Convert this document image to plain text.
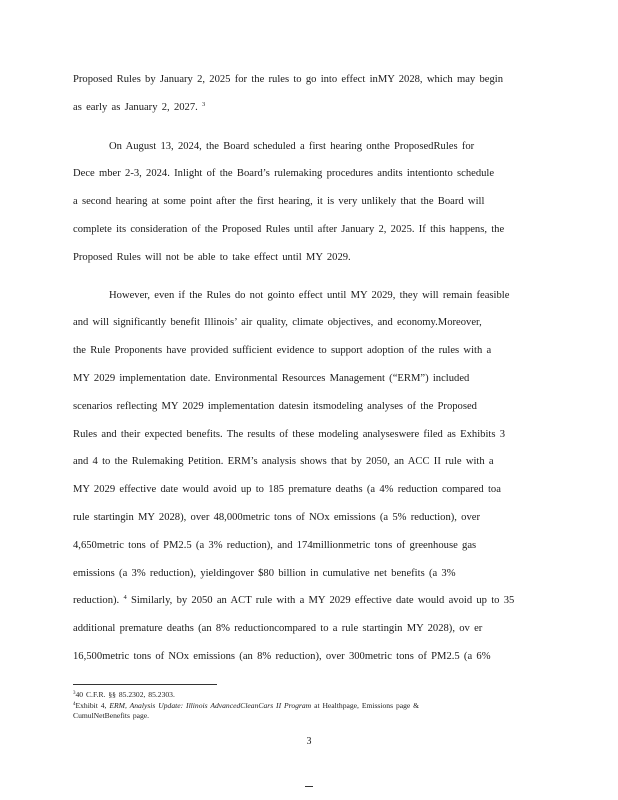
Proposed Rules by January 2, 2025 for the rules to go into effect inMY 2028, which may begin
as early as January 2, 2027. $^3$
On August 13, 2024, the Board scheduled a first hearing onthe ProposedRules for
Dece mber 2-3, 2024. Inlight of the Board’s rulemaking procedures andits intentionto schedule
a second hearing at some point after the first hearing, it is very unlikely that the Board will
complete its consideration of the Proposed Rules until after January 2, 2025. If this happens, the
Proposed Rules will not be able to take effect until MY 2029.
However, even if the Rules do not gointo effect until MY 2029, they will remain feasible
and will significantly benefit Illinois’ air quality, climate objectives, and economy.Moreover,
the Rule Proponents have provided sufficient evidence to support adoption of the rules with a
MY 2029 implementation date. Environmental Resources Management (“ERM”) included
scenarios reflecting MY 2029 implementation datesin itsmodeling analyses of the Proposed
Rules and their expected benefits. The results of these modeling analyseswere filed as Exhibits 3
and 4 to the Rulemaking Petition. ERM’s analysis shows that by 2050, an ACC II rule with a
MY 2029 effective date would avoid up to 185 premature deaths (a 4% reduction compared toa
rule startingin MY 2028), over 48,000metric tons of NOx emissions (a 5% reduction), over
4,650metric tons of PM2.5 (a 3% reduction), and 174millionmetric tons of greenhouse gas
emissions (a 3% reduction), yieldingover $80 billion in cumulative net benefits (a 3%
reduction). $^4$ Similarly, by 2050 an ACT rule with a MY 2029 effective date would avoid up to 35
additional premature deaths (an 8% reductioncompared to a rule startingin MY 2028), ov er
16,500metric tons of NOx emissions (an 8% reduction), over 300metric tons of PM2.5 (a 6%
$^3$40 C.F.R. §§ 85.2302, 85.2303.
$^4$Exhibit 4, ERM, Analysis Update: Illinois AdvancedCleanCars II Program at Healthpage, Emissions page &
CumulNetBenefits page.
3
